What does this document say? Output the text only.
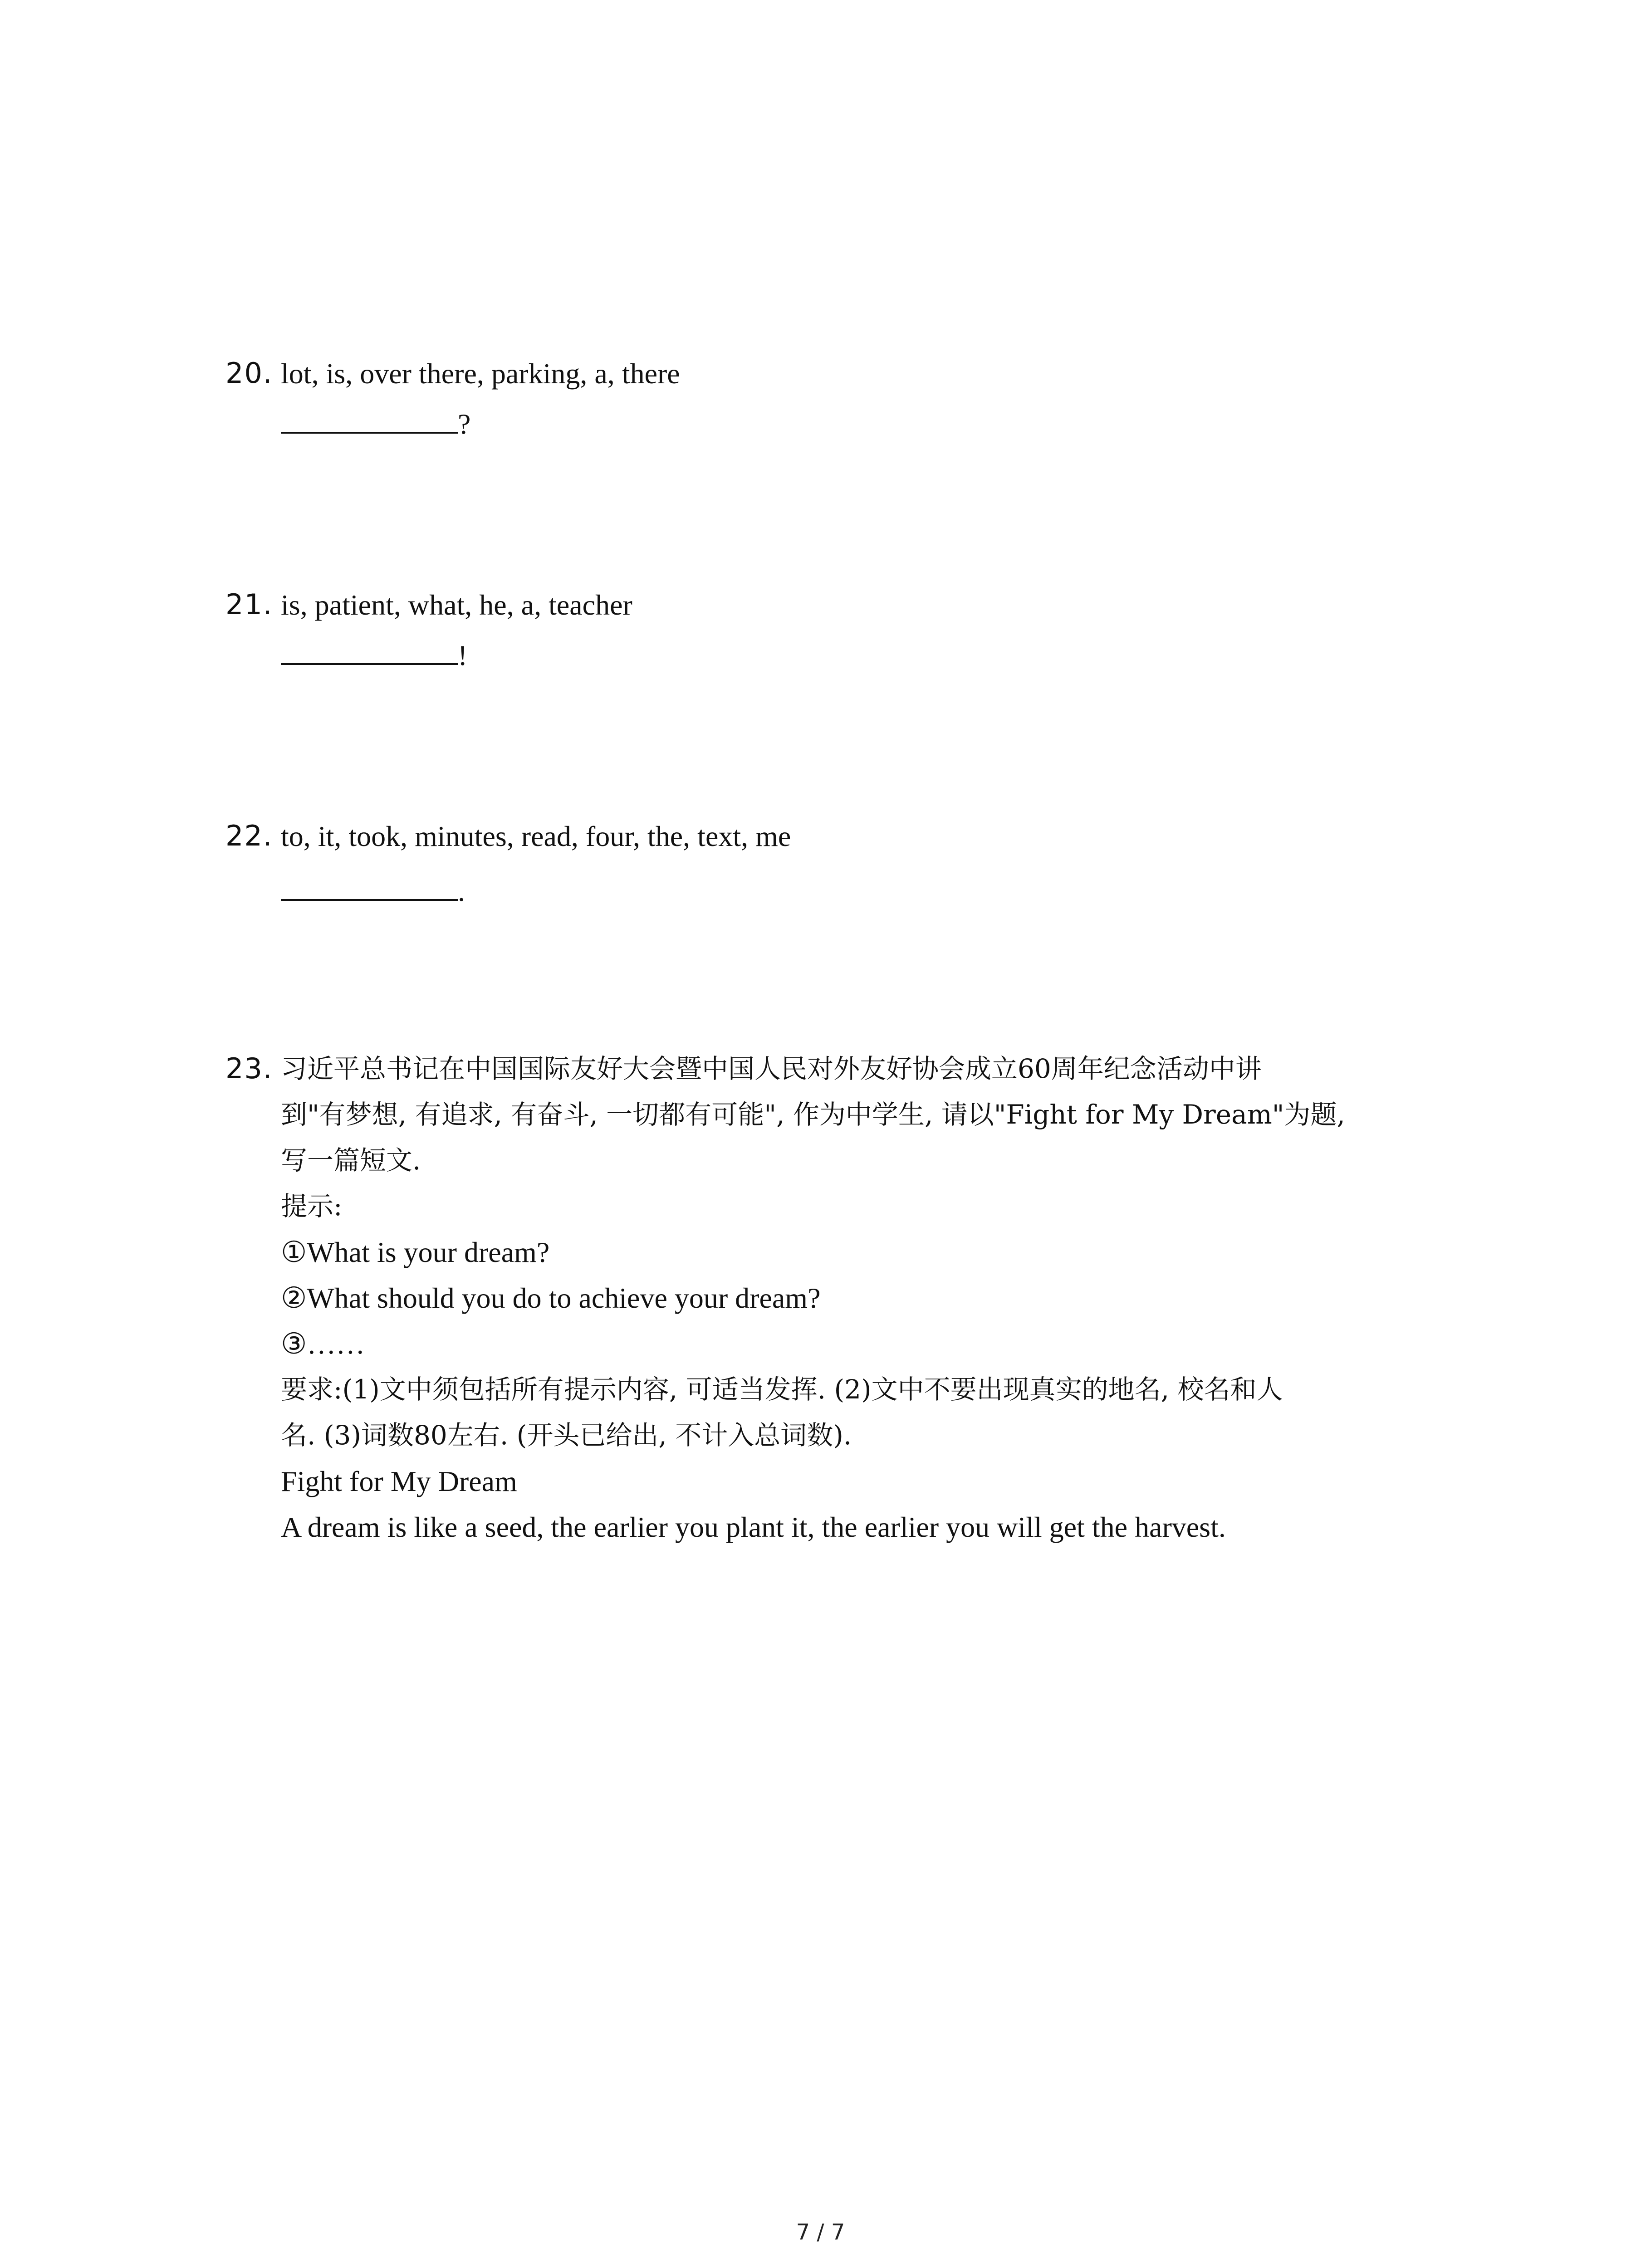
20. lot, is, over there, parking, a, there
?
21. is, patient, what, he, a, teacher
!
22. to, it, took, minutes, read, four, the, text, me
.
23. 习近平总书记在中国国际友好大会暨中国人民对外友好协会成立60周年纪念活动中讲
到"有梦想, 有追求, 有奋斗, 一切都有可能", 作为中学生, 请以"Fight for My Dream"为题,
写一篇短文.
提示:
①What is your dream?
②What should you do to achieve your dream?
③……
要求:(1)文中须包括所有提示内容, 可适当发挥. (2)文中不要出现真实的地名, 校名和人
名. (3)词数80左右. (开头已给出, 不计入总词数).
Fight for My Dream
A dream is like a seed, the earlier you plant it, the earlier you will get the harvest.
7 / 7
